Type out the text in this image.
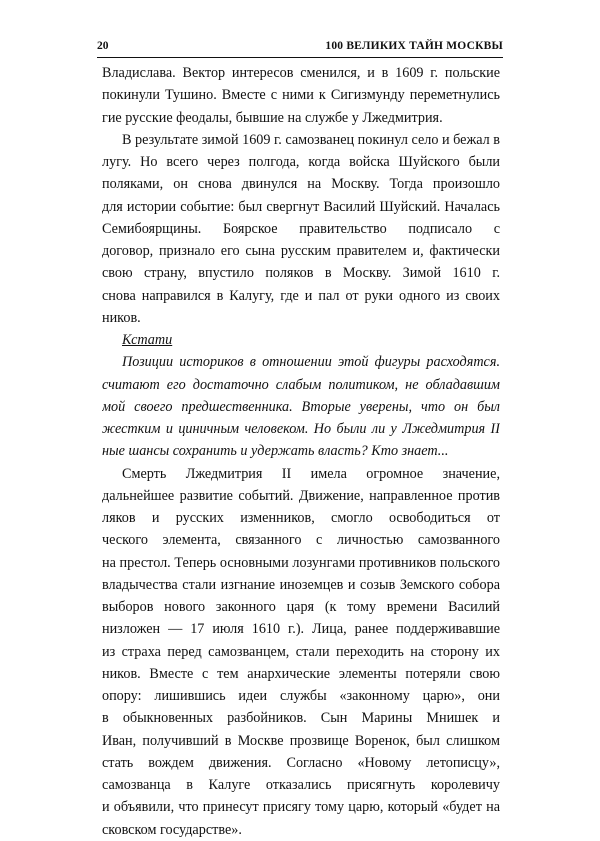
20	100 ВЕЛИКИХ ТАЙН МОСКВЫ
Владислава. Вектор интересов сменился, и в 1609 г. польские
покинули Тушино. Вместе с ними к Сигизмунду переметнулись
гие русские феодалы, бывшие на службе у Лжедмитрия.
В результате зимой 1609 г. самозванец покинул село и бежал в
лугу. Но всего через полгода, когда войска Шуйского были
поляками, он снова двинулся на Москву. Тогда произошло
для истории событие: был свергнут Василий Шуйский. Началась
Семибоярщины. Боярское правительство подписало с
договор, признало его сына русским правителем и, фактически
свою страну, впустило поляков в Москву. Зимой 1610 г.
снова направился в Калугу, где и пал от руки одного из своих
ников.
Кстати
Позиции историков в отношении этой фигуры расходятся.
считают его достаточно слабым политиком, не обладавшим
мой своего предшественника. Вторые уверены, что он был
жестким и циничным человеком. Но были ли у Лжедмитрия II
ные шансы сохранить и удержать власть? Кто знает...
Смерть Лжедмитрия II имела огромное значение,
дальнейшее развитие событий. Движение, направленное против
ляков и русских изменников, смогло освободиться от
ческого элемента, связанного с личностью самозванного
на престол. Теперь основными лозунгами противников польского
владычества стали изгнание иноземцев и созыв Земского собора
выборов нового законного царя (к тому времени Василий
низложен — 17 июля 1610 г.). Лица, ранее поддерживавшие
из страха перед самозванцем, стали переходить на сторону их
ников. Вместе с тем анархические элементы потеряли свою
опору: лишившись идеи службы «законному царю», они
в обыкновенных разбойников. Сын Марины Мнишек и
Иван, получивший в Москве прозвище Воренок, был слишком
стать вождем движения. Согласно «Новому летописцу»,
самозванца в Калуге отказались присягнуть королевичу
и объявили, что принесут присягу тому царю, который «будет на
сковском государстве».
